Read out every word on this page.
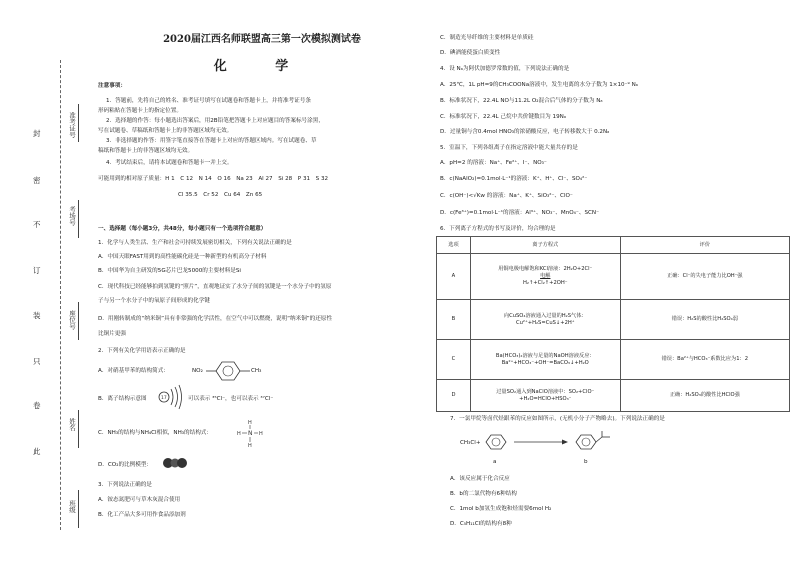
准考证号
考场号
座位号
姓名
班级
封
密
不
订
装
只
卷
此
2020届江西名师联盟高三第一次模拟测试卷
化 学
注意事项：
1．答题前，先将自己的姓名、准考证号填写在试题卷和答题卡上，并将准考证号条
形码粘贴在答题卡上的指定位置。
2．选择题的作答：每小题选出答案后，用2B铅笔把答题卡上对应题目的答案标号涂黑，
写在试题卷、草稿纸和答题卡上的非答题区域均无效。
3．非选择题的作答：用签字笔直接答在答题卡上对应的答题区域内。写在试题卷、草
稿纸和答题卡上的非答题区域均无效。
4．考试结束后，请将本试题卷和答题卡一并上交。
可能用到的相对原子质量：H 1　C 12　N 14　O 16　Na 23　Al 27　Si 28　P 31　S 32
Cl 35.5　Cr 52　Cu 64　Zn 65
一、选择题（每小题3分，共48分，每小题只有一个选项符合题意）
1．化学与人类生活、生产和社会可持续发展密切相关，下列有关说法正确的是
A．中国天眼FAST用到的高性能碳化硅是一种新型的有机高分子材料
B．中国华为自主研发的5G芯片巴龙5000的主要材料是Si
C．现代科技已经能够拍到氢键的“照片”，直观地证实了水分子间的氢键是一个水分子中的氢原
子与另一个水分子中的氧原子间形成的化学键
D．用刚转制成的“纳米铜”具有非常强的化学活性，在空气中可以燃烧，说明“纳米铜”的还原性
比铜片更强
2．下列有关化学用语表示正确的是
A．对硝基甲苯的结构简式：	NO₂	CH₃
B．离子结构示意图	17	可以表示 ³⁵Cl⁻，也可以表示 ³⁷Cl⁻
C．NH₃的结构与NH₄Cl相似，NH₃的结构式：	N
H
H	H
H
D．CO₂的比例模型：
3．下列说法正确的是
A．铵态氮肥可与草木灰混合使用
B．化工产品大多可用作食品添加剂
C．制造光导纤维的主要材料是单质硅
D．碘酒能使蛋白质变性
4．设 Nₐ为阿伏加德罗常数的值，下列说法正确的是
A．25℃，1L pH=9的CH₃COONa溶液中，发生电离的水分子数为 1×10⁻⁹ Nₐ
B．标准状况下，22.4L NO与11.2L O₂混合后气体的分子数为 Nₐ
C．标准状况下，22.4L 己烷中共价键数目为 19Nₐ
D．过量铜与含0.4mol HNO₃的浓硝酸反应，电子转移数大于 0.2Nₐ
5．室温下，下列各组离子在指定溶液中能大量共存的是
A．pH=2 的溶液：Na⁺、Fe²⁺、I⁻、NO₃⁻
B．c(NaAlO₂)=0.1mol·L⁻¹的溶液：K⁺、H⁺、Cl⁻、SO₄²⁻
C．c(OH⁻)<√Kw 的溶液：Na⁺、K⁺、SiO₃²⁻、ClO⁻
D．c(Fe³⁺)=0.1mol·L⁻¹的溶液：Al³⁺、NO₃⁻、MnO₄⁻、SCN⁻
6．下列离子方程式的书写及评价，均合理的是
选项	离子方程式	评价
A	用铜电极电解饱和KCl溶液：2H₂O+2Cl⁻
电解
H₂↑+Cl₂↑+2OH⁻	正确：Cl⁻的失电子能力比OH⁻强
B	向CuSO₄溶液通入过量的H₂S气体：
Cu²⁺+H₂S=CuS↓+2H⁺	错误：H₂S的酸性比H₂SO₄弱
C	Ba(HCO₃)₂溶液与足量的NaOH溶液反应：
Ba²⁺+HCO₃⁻+OH⁻=BaCO₃↓+H₂O	错误：Ba²⁺与HCO₃⁻系数比应为1：2
D	过量SO₂通入到NaClO溶液中：SO₂+ClO⁻
+H₂O=HClO+HSO₃⁻	正确：H₂SO₃的酸性比HClO强
7．一氯甲烷等卤代烃跟苯的反应如图所示，(无机小分子产物略去)。下列说法正确的是
CH₃Cl+
a	b
A．该反应属于化合反应
B．b的二氯代物有6种结构
C．1mol b加氢生成饱和烃需要6mol H₂
D．C₅H₁₁Cl的结构有8种
